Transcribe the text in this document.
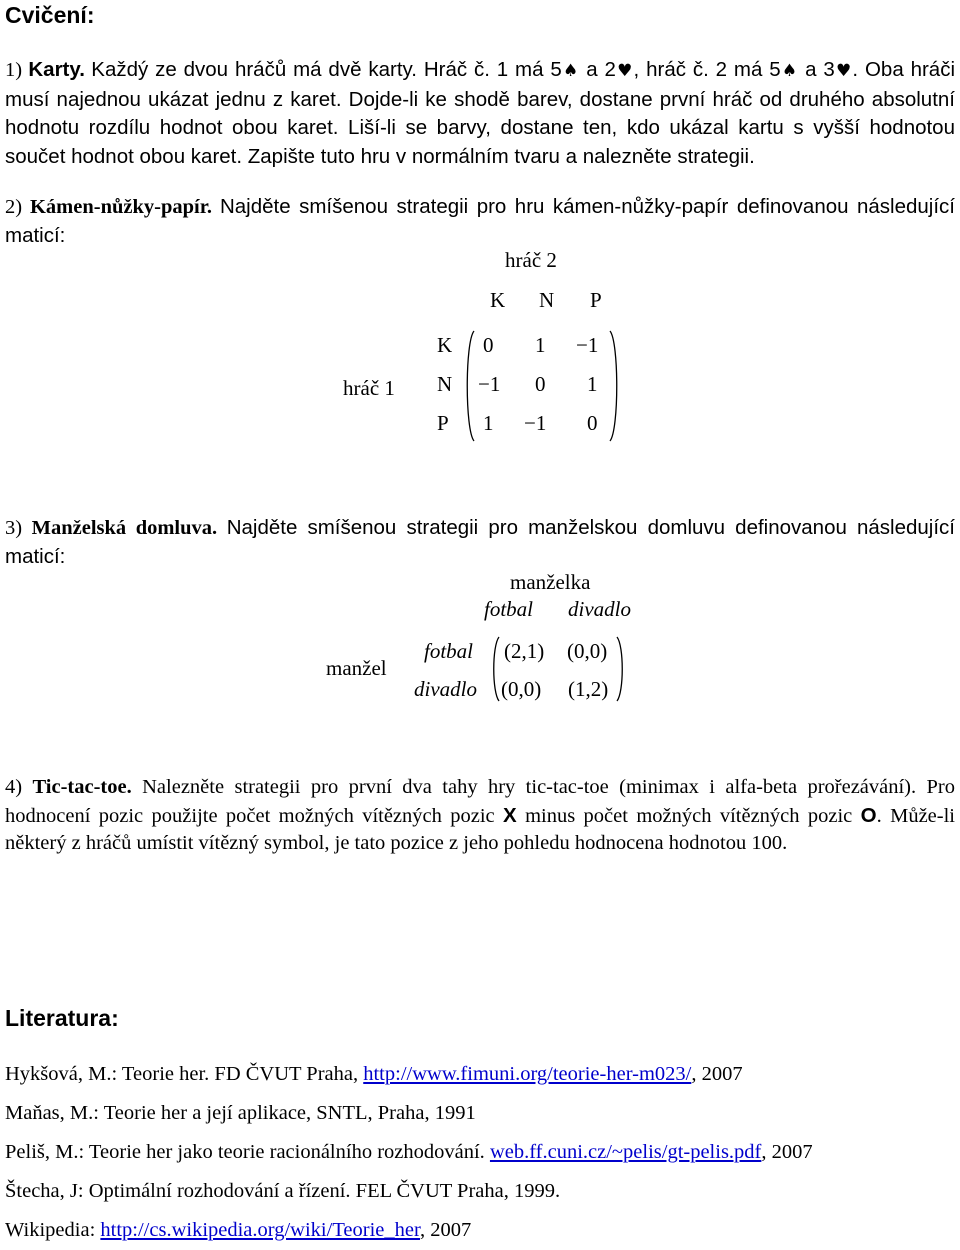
Cvičení:
1) Karty. Každý ze dvou hráčů má dvě karty. Hráč č. 1 má 5♠ a 2♥, hráč č. 2 má 5♠ a 3♥. Oba hráči musí najednou ukázat jednu z karet. Dojde-li ke shodě barev, dostane první hráč od druhého absolutní hodnotu rozdílu hodnot obou karet. Liší-li se barvy, dostane ten, kdo ukázal kartu s vyšší hodnotou součet hodnot obou karet. Zapište tuto hru v normálním tvaru a nalezněte strategii.
2) Kámen-nůžky-papír. Najděte smíšenou strategii pro hru kámen-nůžky-papír definovanou následující maticí:
hráč 2
K N P
hráč 1
K
N
P
0 1 −1
−1 0 1
1 −1 0
3) Manželská domluva. Najděte smíšenou strategii pro manželskou domluvu definovanou následující maticí:
manželka
fotbal divadlo
manžel
fotbal
divadlo
(2,1) (0,0)
(0,0) (1,2)
4) Tic-tac-toe. Nalezněte strategii pro první dva tahy hry tic-tac-toe (minimax i alfa-beta prořezávání). Pro hodnocení pozic použijte počet možných vítězných pozic X minus počet možných vítězných pozic O. Může-li některý z hráčů umístit vítězný symbol, je tato pozice z jeho pohledu hodnocena hodnotou 100.
Literatura:
Hykšová, M.: Teorie her. FD ČVUT Praha, http://www.fimuni.org/teorie-her-m023/, 2007
Maňas, M.: Teorie her a její aplikace, SNTL, Praha, 1991
Peliš, M.: Teorie her jako teorie racionálního rozhodování. web.ff.cuni.cz/~pelis/gt-pelis.pdf, 2007
Štecha, J: Optimální rozhodování a řízení. FEL ČVUT Praha, 1999.
Wikipedia: http://cs.wikipedia.org/wiki/Teorie_her, 2007
